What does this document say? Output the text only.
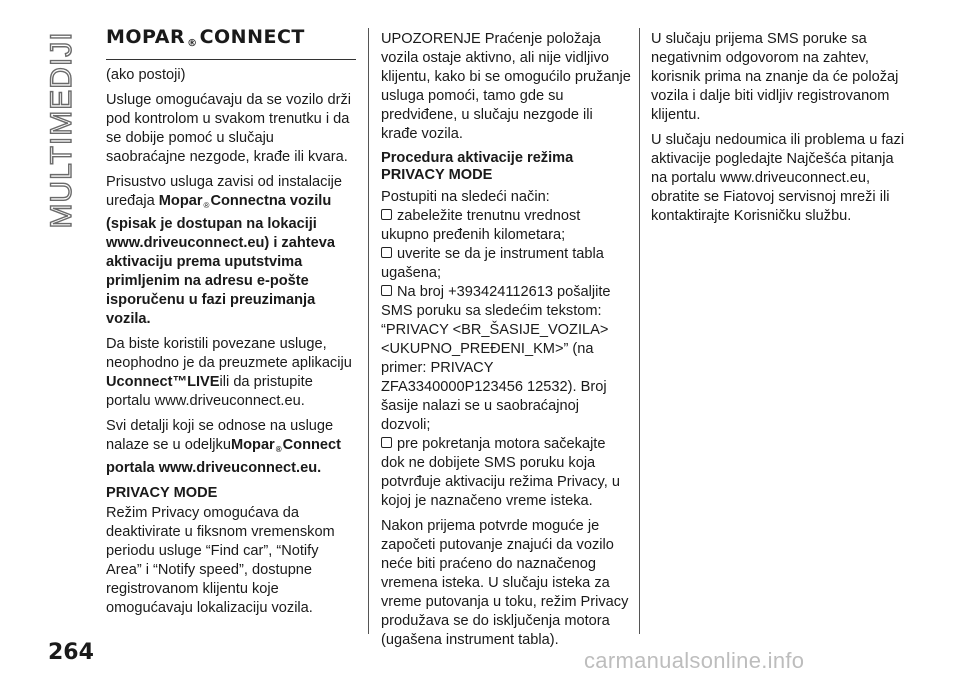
MULTIMEDIJI MOPAR ® CONNECT

(ako postoji)

Usluge omogućavaju da se vozilo drži pod kontrolom u svakom trenutku i da se dobije pomoć u slučaju saobraćajne nezgode, krađe ili kvara.

Prisustvo usluga zavisi od instalacije uređaja Mopar$_®$Connectna vozilu (spisak je dostupan na lokaciji www.driveuconnect.eu) i zahteva aktivaciju prema uputstvima primljenim na adresu e-pošte isporučenu u fazi preuzimanja vozila.

Da biste koristili povezane usluge, neophodno je da preuzmete aplikaciju Uconnect™LIVEili da pristupite portalu www.driveuconnect.eu.

Svi detalji koji se odnose na usluge nalaze se u odeljkuMopar$_®$Connect portala www.driveuconnect.eu.

PRIVACY MODE

Režim Privacy omogućava da deaktivirate u fiksnom vremenskom periodu usluge “Find car”, “Notify Area” i “Notify speed”, dostupne registrovanom klijentu koje omogućavaju lokalizaciju vozila.

UPOZORENJE Praćenje položaja vozila ostaje aktivno, ali nije vidljivo klijentu, kako bi se omogućilo pružanje usluga pomoći, tamo gde su predviđene, u slučaju nezgode ili krađe vozila.

Procedura aktivacije režima PRIVACY MODE

Postupiti na sledeći način:

zabeležite trenutnu vrednost ukupno pređenih kilometara;

uverite se da je instrument tabla ugašena;

Na broj +393424112613 pošaljite SMS poruku sa sledećim tekstom: “PRIVACY <BR_ŠASIJE_VOZILA> <UKUPNO_PREĐENI_KM>” (na primer: PRIVACY ZFA3340000P123456 12532). Broj šasije nalazi se u saobraćajnoj dozvoli;

pre pokretanja motora sačekajte dok ne dobijete SMS poruku koja potvrđuje aktivaciju režima Privacy, u kojoj je naznačeno vreme isteka.

Nakon prijema potvrde moguće je započeti putovanje znajući da vozilo neće biti praćeno do naznačenog vremena isteka. U slučaju isteka za vreme putovanja u toku, režim Privacy produžava se do isključenja motora (ugašena instrument tabla).

U slučaju prijema SMS poruke sa negativnim odgovorom na zahtev, korisnik prima na znanje da će položaj vozila i dalje biti vidljiv registrovanom klijentu.

U slučaju nedoumica ili problema u fazi aktivacije pogledajte Najčešća pitanja na portalu www.driveuconnect.eu, obratite se Fiatovoj servisnoj mreži ili kontaktirajte Korisničku službu.

264	carmanualsonline.info
